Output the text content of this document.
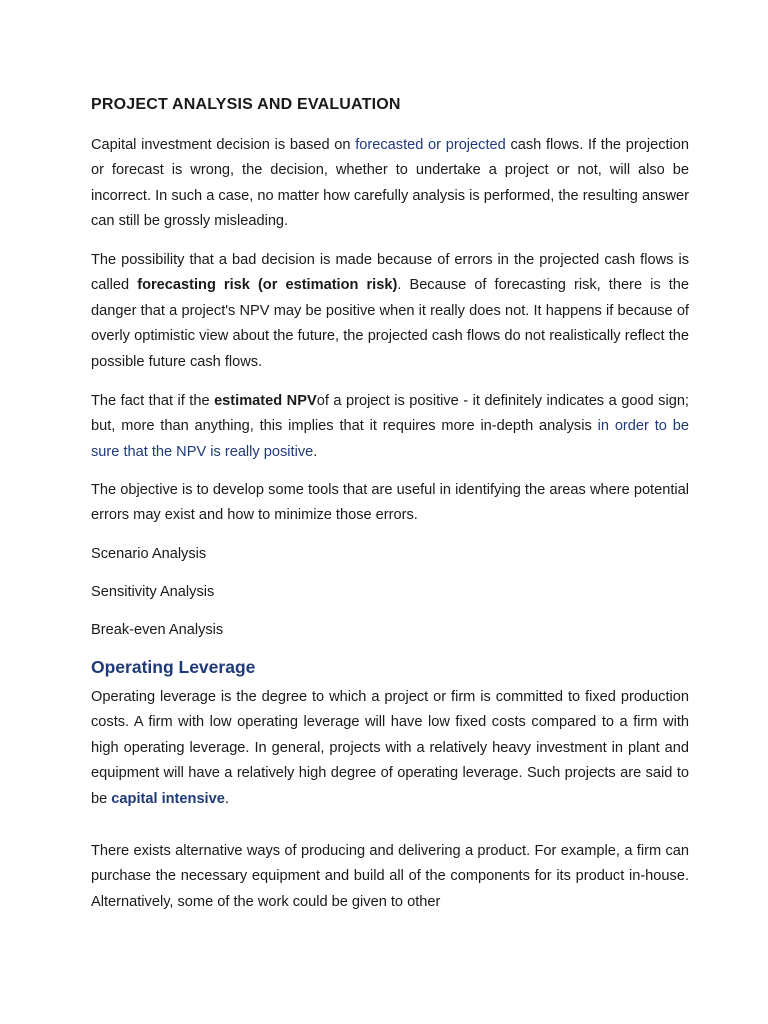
PROJECT ANALYSIS AND EVALUATION

Capital investment decision is based on forecasted or projected cash flows. If the projection or forecast is wrong, the decision, whether to undertake a project or not, will also be incorrect. In such a case, no matter how carefully analysis is performed, the resulting answer can still be grossly misleading.

The possibility that a bad decision is made because of errors in the projected cash flows is called forecasting risk (or estimation risk). Because of forecasting risk, there is the danger that a project's NPV may be positive when it really does not. It happens if because of overly optimistic view about the future, the projected cash flows do not realistically reflect the possible future cash flows.

The fact that if the estimated NPVof a project is positive - it definitely indicates a good sign; but, more than anything, this implies that it requires more in-depth analysis in order to be sure that the NPV is really positive.

The objective is to develop some tools that are useful in identifying the areas where potential errors may exist and how to minimize those errors.

Scenario Analysis

Sensitivity Analysis

Break-even Analysis

Operating Leverage

Operating leverage is the degree to which a project or firm is committed to fixed production costs. A firm with low operating leverage will have low fixed costs compared to a firm with high operating leverage. In general, projects with a relatively heavy investment in plant and equipment will have a relatively high degree of operating leverage. Such projects are said to be capital intensive.

There exists alternative ways of producing and delivering a product. For example, a firm can purchase the necessary equipment and build all of the components for its product in-house. Alternatively, some of the work could be given to other
